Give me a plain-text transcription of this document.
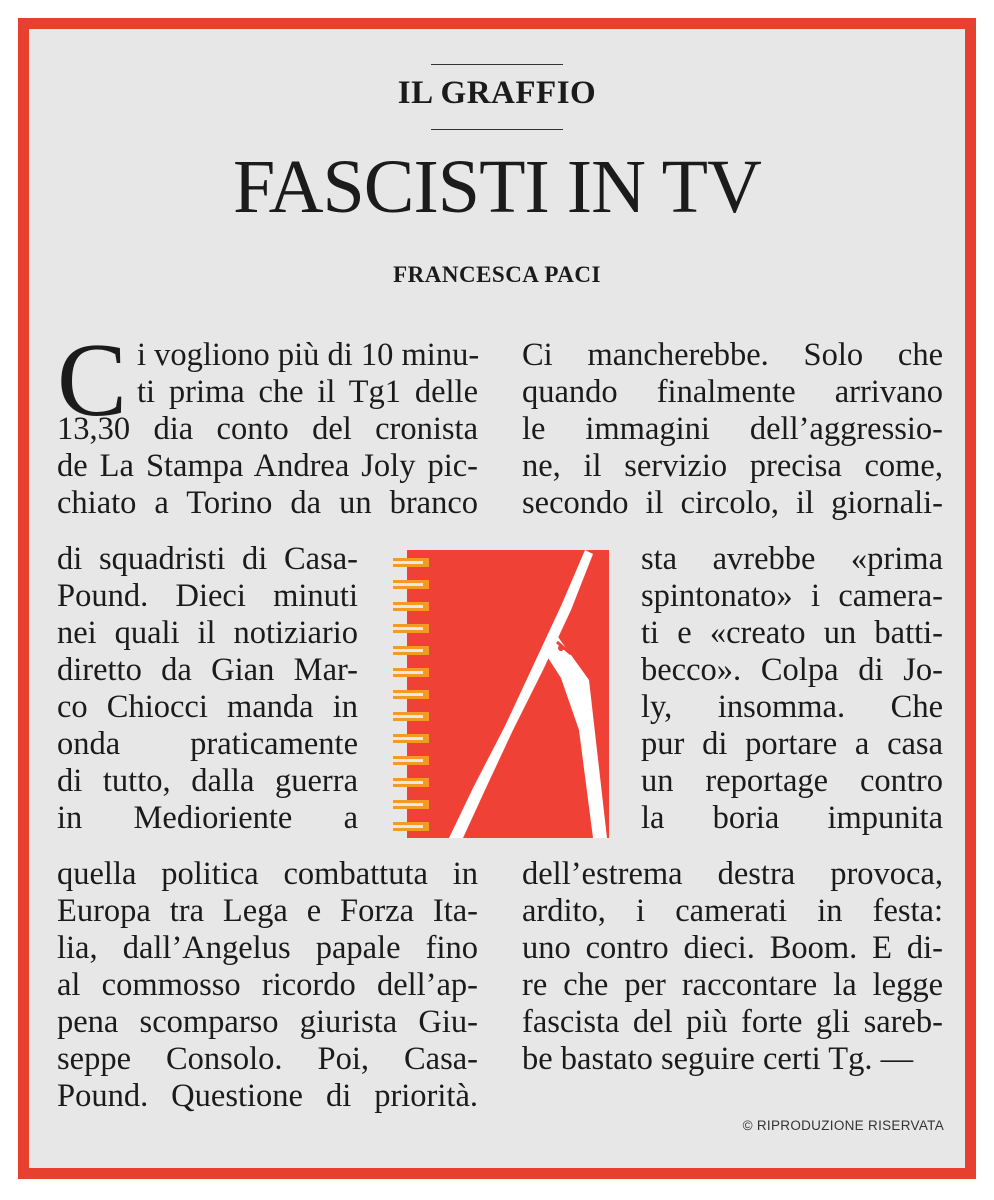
IL GRAFFIO
FASCISTI IN TV
FRANCESCA PACI
C i vogliono più di 10 minu-
ti prima che il Tg1 delle
13,30 dia conto del cronista
de La Stampa Andrea Joly pic-
chiato a Torino da un branco
di squadristi di Casa-
Pound. Dieci minuti
nei quali il notiziario
diretto da Gian Mar-
co Chiocci manda in
onda praticamente
di tutto, dalla guerra
in Medioriente a
quella politica combattuta in
Europa tra Lega e Forza Ita-
lia, dall’Angelus papale fino
al commosso ricordo dell’ap-
pena scomparso giurista Giu-
seppe Consolo. Poi, Casa-
Pound. Questione di priorità.
Ci mancherebbe. Solo che
quando finalmente arrivano
le immagini dell’aggressio-
ne, il servizio precisa come,
secondo il circolo, il giornali-
sta avrebbe «prima
spintonato» i camera-
ti e «creato un batti-
becco». Colpa di Jo-
ly, insomma. Che
pur di portare a casa
un reportage contro
la boria impunita
dell’estrema destra provoca,
ardito, i camerati in festa:
uno contro dieci. Boom. E di-
re che per raccontare la legge
fascista del più forte gli sareb-
be bastato seguire certi Tg. —
© RIPRODUZIONE RISERVATA
